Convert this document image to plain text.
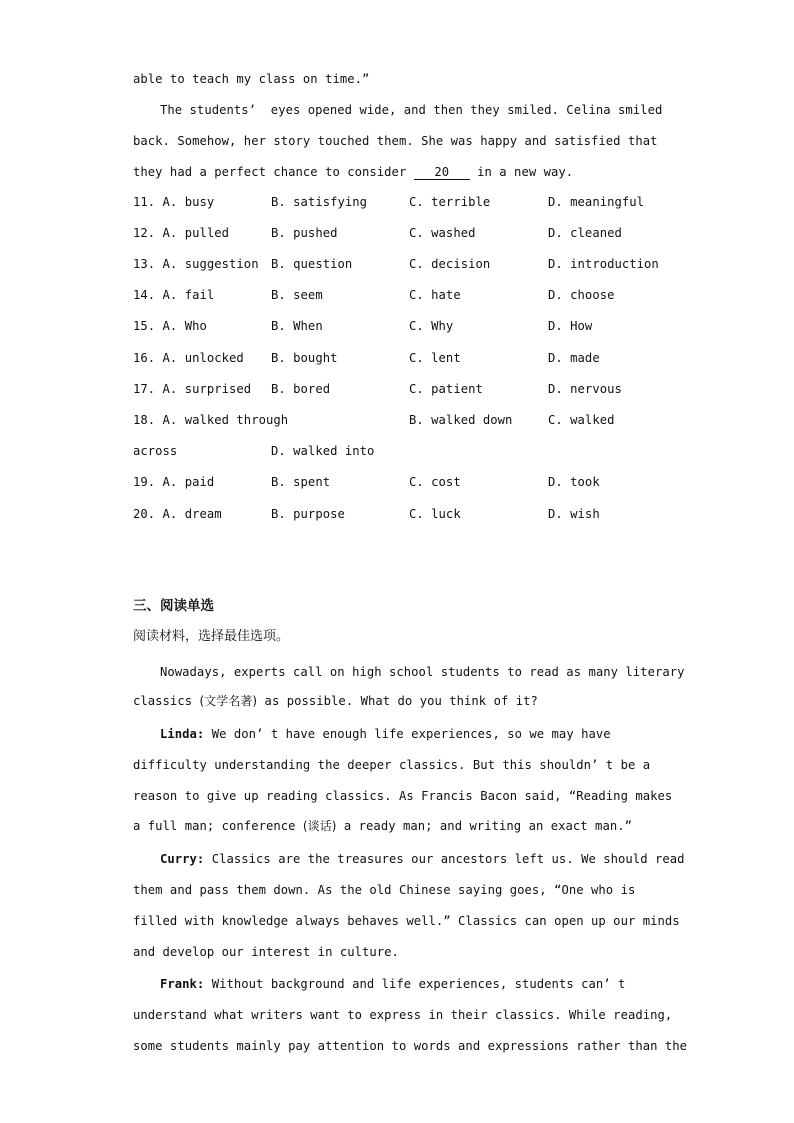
able to teach my class on time.”
The students’  eyes opened wide, and then they smiled. Celina smiled
back. Somehow, her story touched them. She was happy and satisfied that
they had a perfect chance to consider 20 in a new way.
11. A. busy	B. satisfying	C. terrible	D. meaningful
12. A. pulled	B. pushed	C. washed	D. cleaned
13. A. suggestion B. question	C. decision	D. introduction
14. A. fail	B. seem	C. hate	D. choose
15. A. Who	B. When	C. Why	D. How
16. A. unlocked B. bought	C. lent	D. made
17. A. surprised B. bored	C. patient	D. nervous
18. A. walked through	B. walked down	C. walked
across	D. walked into
19. A. paid	B. spent	C. cost	D. took
20. A. dream	B. purpose	C. luck	D. wish
三、阅读单选
阅读材料，选择最佳选项。
Nowadays, experts call on high school students to read as many literary
classics (文学名著) as possible. What do you think of it?
Linda: We don’ t have enough life experiences, so we may have
difficulty understanding the deeper classics. But this shouldn’ t be a
reason to give up reading classics. As Francis Bacon said, “Reading makes
a full man; conference (谈话) a ready man; and writing an exact man.”
Curry: Classics are the treasures our ancestors left us. We should read
them and pass them down. As the old Chinese saying goes, “One who is
filled with knowledge always behaves well.” Classics can open up our minds
and develop our interest in culture.
Frank: Without background and life experiences, students can’ t
understand what writers want to express in their classics. While reading,
some students mainly pay attention to words and expressions rather than the
